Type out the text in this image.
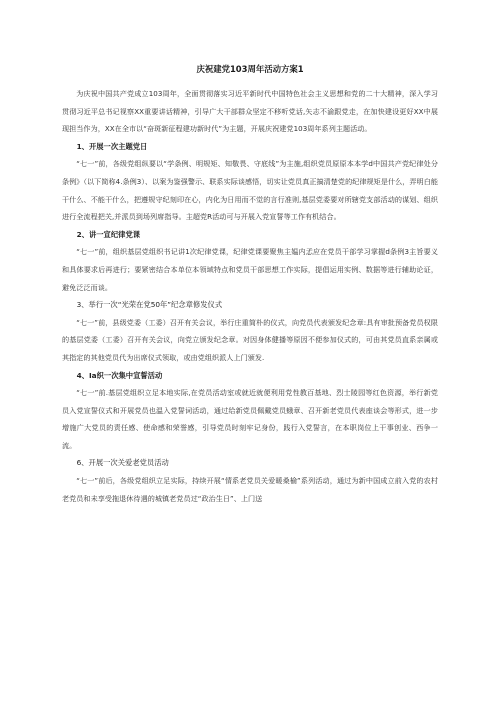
庆祝建党103周年活动方案1

为庆祝中国共产党成立103周年，全面贯彻落实习近平新时代中国特色社会主义思想和党的二十大精神，深入学习贯彻习近平总书记视察XX重要讲话精神，引导广大干部群众坚定不移听党话,矢志不渝跟党走，在加快建设更好XX中展现担当作为，XX在全市以“奋斑新征程建功新时代”为主题，开展庆祝建党103周年系列主题活动。

1、开展一次主题党日

“七一”前，各级党组纵要以“学条例、明规矩、知敬畏、守底线”为主施,组织党员原原本本学d中国共产党纪律处分条例》（以下简称4.条例3）、以案为鉴强警示、联系实际谈感悟，切实让党员真正搞清楚党的纪律规矩是什么，弄明白能干什么、不能干什么，把遵规守纪刻印在心，内化为日用而不觉的言行准则,基层党委要对所辖党支部活动的谋划、组织进行全流程把关,并派员到场列席指导。主超党R活动可与开展入党宣誓等工作有机结合。

2、讲一宣纪律党课

“七一”前，组织基层党组织书记讲1次纪律党课，纪律党课要聚焦主媪内孞应在党员干部学习掌握d条例3主旨要义和具体要求后再进行；要紧密结合本单位本领域特点和党员干部思想工作实际，提倡运用实例、数据等进行辅助论证，避免泛泛而谈。

3、举行一次“光荣在党50年”纪念章修发仪式

“七一”前，县级党委（工委）召开有关会议，举行庄重简朴的仪式，向党员代表颁发纪念章:具有审批预备党员权限的基层党委（工委）召开有关会议，向党立颁发纪念章。对因身体健播等原因不便参加仪式的，可由其党员直系亲属或其指定的其他党员代为出席仪式领取，或由党组织派人上门颁发.

4、Ia织一次集中宣誓活动

“七一”前.基层党组织立足本地实际,在党员活动室或就近就便利用党性教百基地、烈士陵园等红色资源，举行新党员入党宣誓仪式和开展党员也温入党誓词活动，通过给新党员佩戴党员蛾章、召开新老党员代表座谈会等形式，进一步增施广大党员的责任感、使命感和荣誉感，引导党员时刻牢记身份，践行入党誓言，在本职岗位上干事创业、西争一流。

6、开展一次关爱老党员活动

“七一”前后，各级党组织立足实际，持续开展“情系老党员关爱暖桑榆”系列活动，通过为新中国成立前入党的农村老党员和未享受拖退休待遇的城镇老党员过“政治生日”、上门送
